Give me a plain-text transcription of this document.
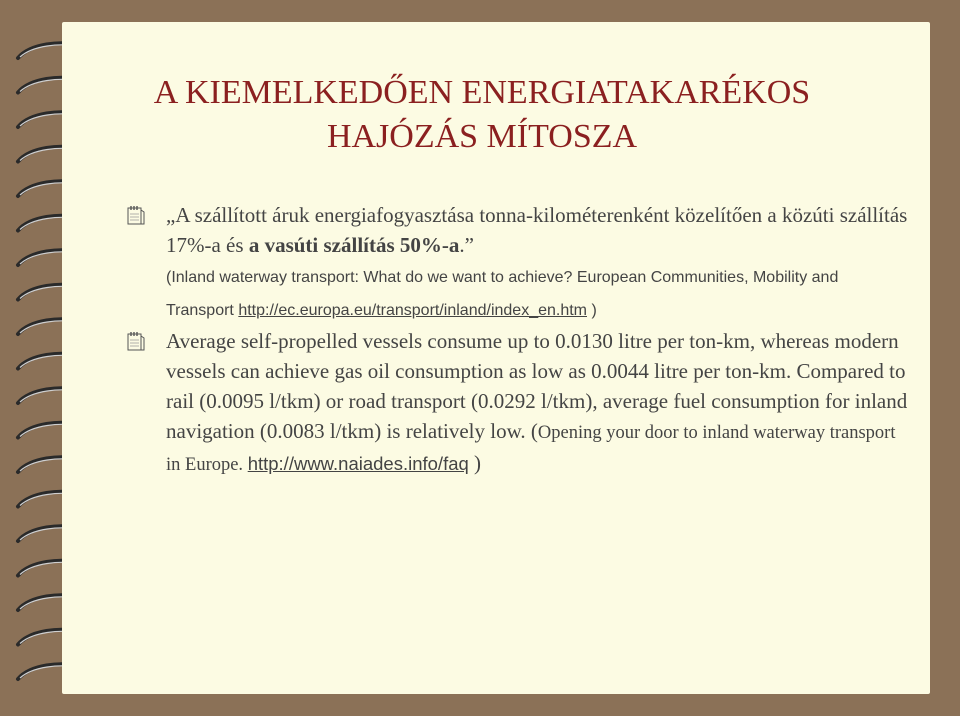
A KIEMELKEDŐEN ENERGIATAKARÉKOS
HAJÓZÁS MÍTOSZA
„A szállított áruk energiafogyasztása tonna-kilométerenként közelítően a közúti szállítás 17%-a és a vasúti szállítás 50%-a.”
(Inland waterway transport: What do we want to achieve? European Communities, Mobility and Transport http://ec.europa.eu/transport/inland/index_en.htm )
Average self-propelled vessels consume up to 0.0130 litre per ton-km, whereas modern vessels can achieve gas oil consumption as low as 0.0044 litre per ton-km. Compared to rail (0.0095 l/tkm) or road transport (0.0292 l/tkm), average fuel consumption for inland navigation (0.0083 l/tkm) is relatively low. (Opening your door to inland waterway transport in Europe. http://www.naiades.info/faq )
